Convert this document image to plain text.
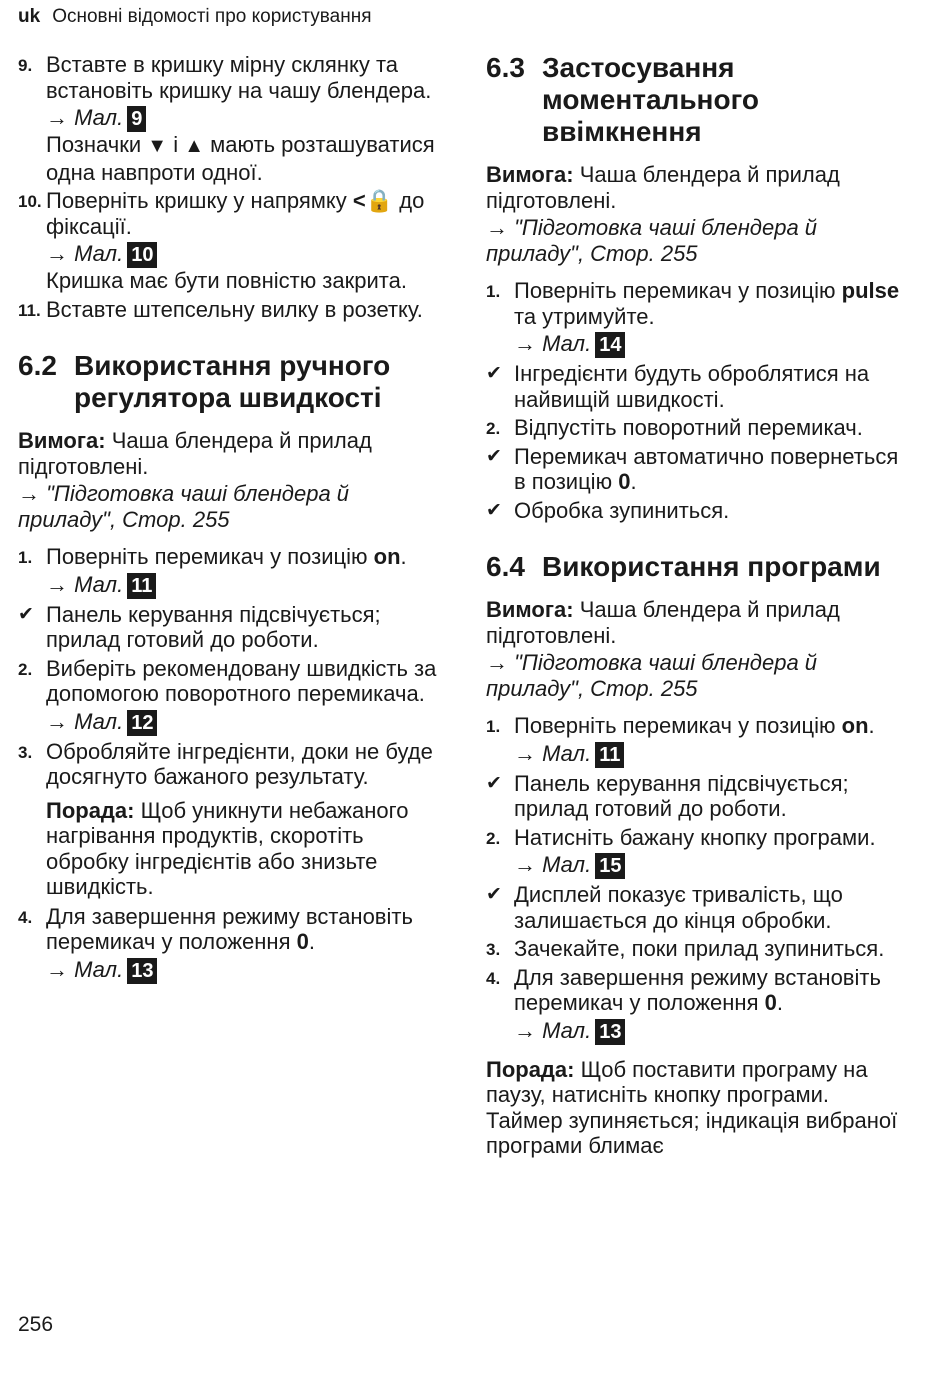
uk Основні відомості про користування
9. Вставте в кришку мірну склянку та встановіть кришку на чашу блендера.
→ Мал. 9
Позначки ▼ і ▲ мають розташуватися одна навпроти одної.
10. Поверніть кришку у напрямку <🔒 до фіксації.
→ Мал. 10
Кришка має бути повністю закрита.
11. Вставте штепсельну вилку в розетку.
6.2 Використання ручного регулятора швидкості
Вимога: Чаша блендера й прилад підготовлені.
→ "Підготовка чаші блендера й приладу", Стор. 255
1. Поверніть перемикач у позицію on.
→ Мал. 11
✔ Панель керування підсвічується; прилад готовий до роботи.
2. Виберіть рекомендовану швидкість за допомогою поворотного перемикача.
→ Мал. 12
3. Обробляйте інгредієнти, доки не буде досягнуто бажаного результату.
Порада: Щоб уникнути небажаного нагрівання продуктів, скоротіть обробку інгредієнтів або знизьте швидкість.
4. Для завершення режиму встановіть перемикач у положення 0.
→ Мал. 13
6.3 Застосування моментального ввімкнення
Вимога: Чаша блендера й прилад підготовлені.
→ "Підготовка чаші блендера й приладу", Стор. 255
1. Поверніть перемикач у позицію pulse та утримуйте.
→ Мал. 14
✔ Інгредієнти будуть оброблятися на найвищій швидкості.
2. Відпустіть поворотний перемикач.
✔ Перемикач автоматично повернеться в позицію 0.
✔ Обробка зупиниться.
6.4 Використання програми
Вимога: Чаша блендера й прилад підготовлені.
→ "Підготовка чаші блендера й приладу", Стор. 255
1. Поверніть перемикач у позицію on.
→ Мал. 11
✔ Панель керування підсвічується; прилад готовий до роботи.
2. Натисніть бажану кнопку програми.
→ Мал. 15
✔ Дисплей показує тривалість, що залишається до кінця обробки.
3. Зачекайте, поки прилад зупиниться.
4. Для завершення режиму встановіть перемикач у положення 0.
→ Мал. 13
Порада: Щоб поставити програму на паузу, натисніть кнопку програми. Таймер зупиняється; індикація вибраної програми блимає
256
